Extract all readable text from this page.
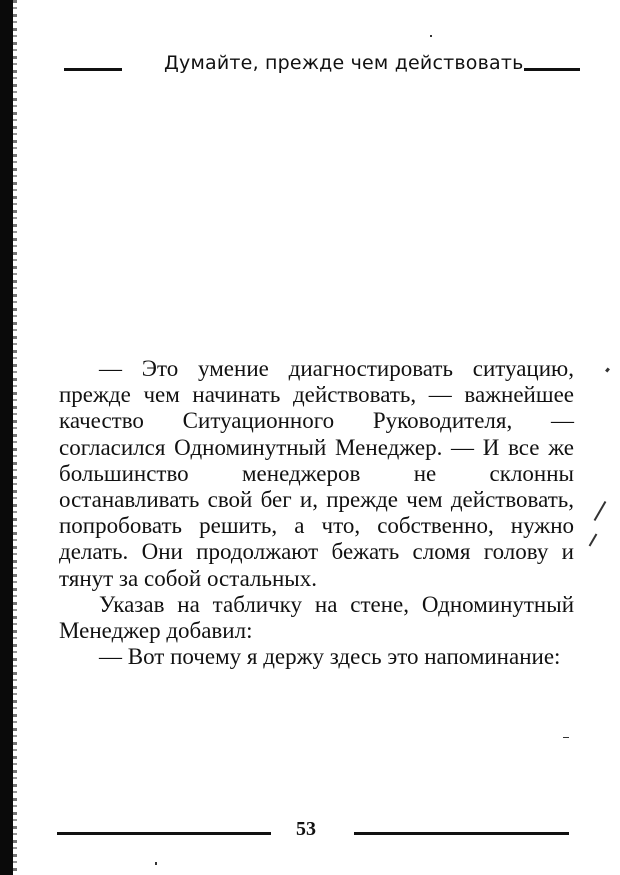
Думайте, прежде чем действовать

— Это умение диагностировать ситуацию, прежде чем начинать действовать, — важнейшее качество Ситуационного Руководителя, — согласился Одноминутный Менеджер. — И все же большинство менеджеров не склонны останавливать свой бег и, прежде чем действовать, попробовать решить, а что, собственно, нужно делать. Они продолжают бежать сломя голову и тянут за собой остальных.

Указав на табличку на стене, Одноминутный Менеджер добавил:

— Вот почему я держу здесь это напоминание:

53
